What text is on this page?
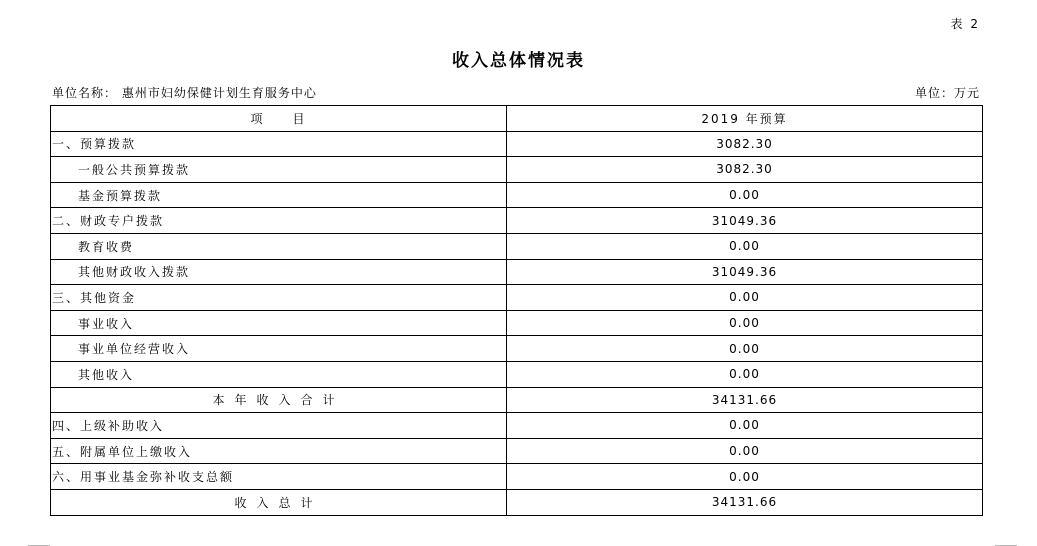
表 2
收入总体情况表
单位名称： 惠州市妇幼保健计划生育服务中心	单位：万元
项　　目	2019 年预算
一、预算拨款	3082.30
一般公共预算拨款	3082.30
基金预算拨款	0.00
二、财政专户拨款	31049.36
教育收费	0.00
其他财政收入拨款	31049.36
三、其他资金	0.00
事业收入	0.00
事业单位经营收入	0.00
其他收入	0.00
本年收入合计	34131.66
四、上级补助收入	0.00
五、附属单位上缴收入	0.00
六、用事业基金弥补收支总额	0.00
收入总计	34131.66
